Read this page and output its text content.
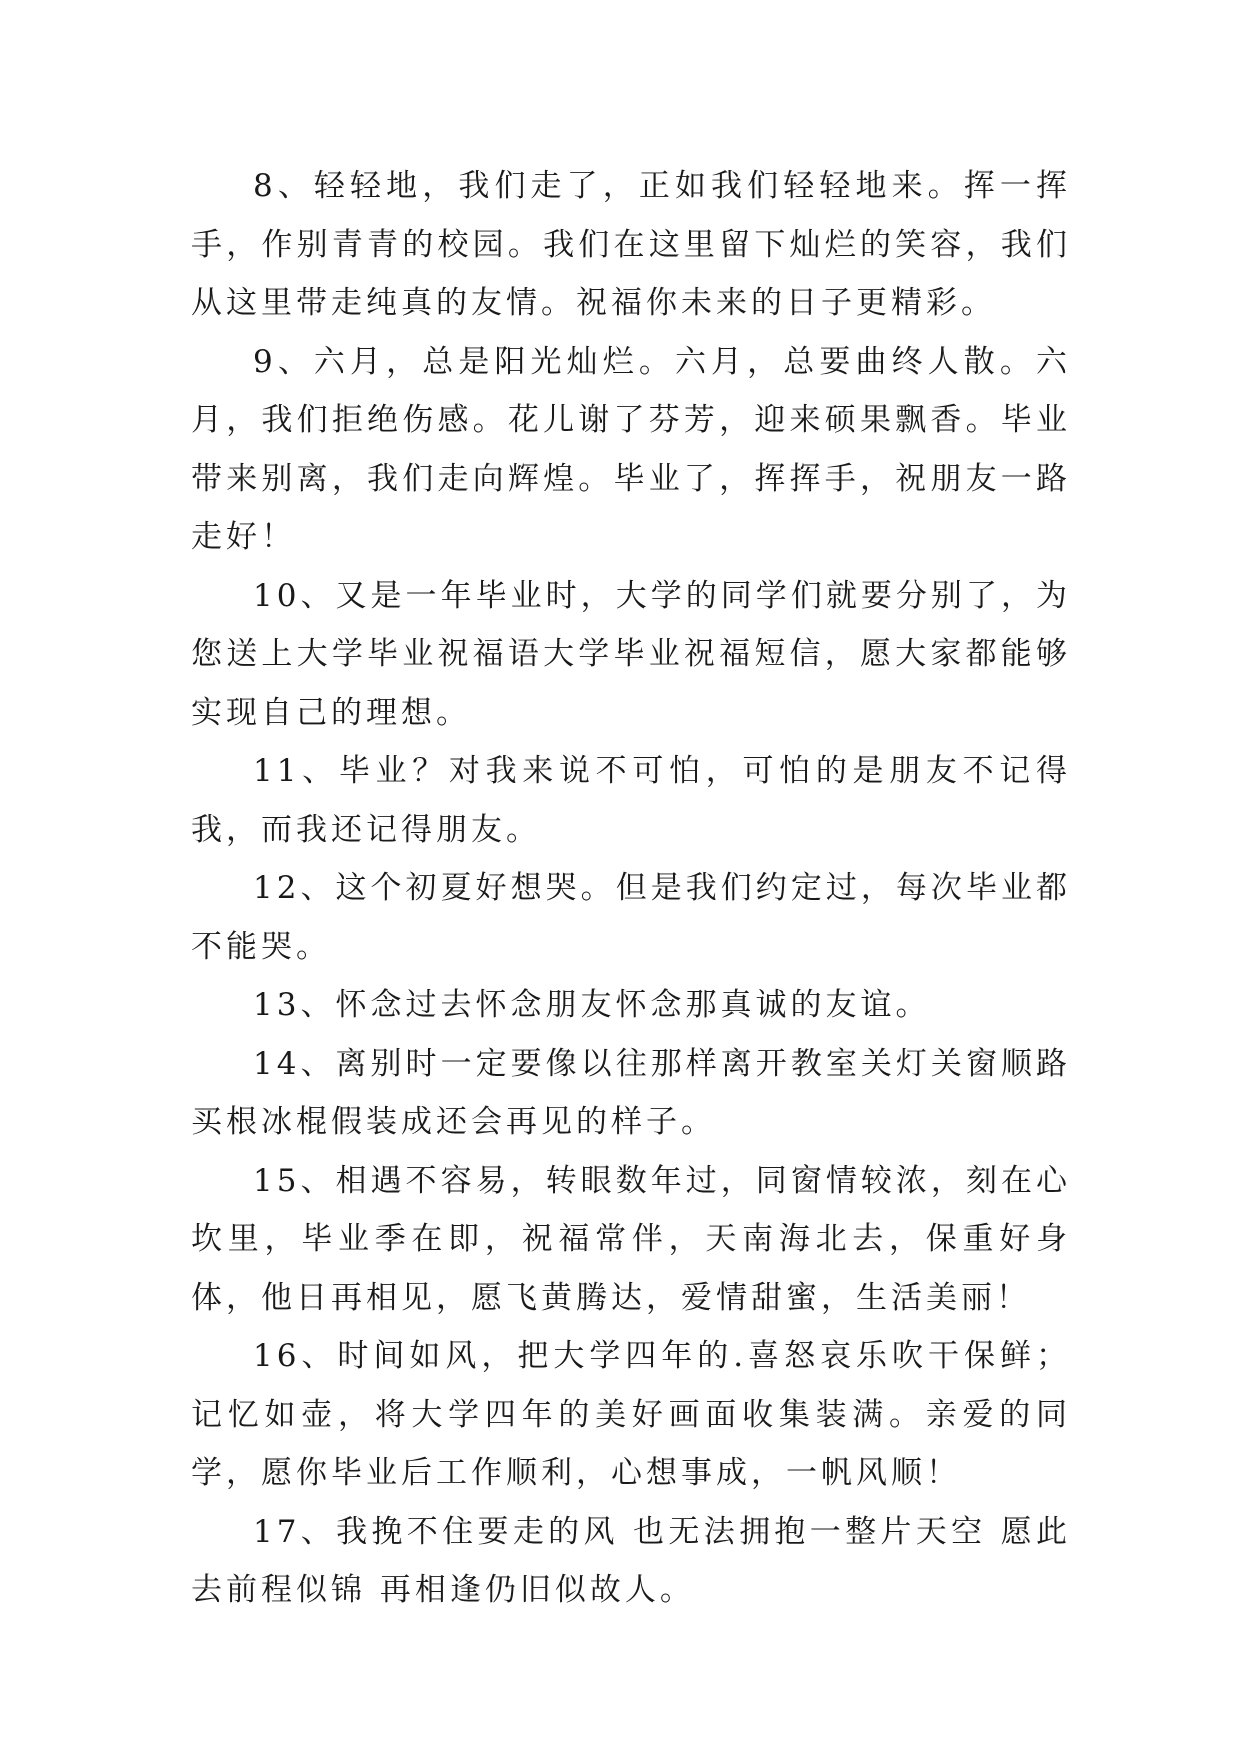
8、轻轻地，我们走了，正如我们轻轻地来。挥一挥手，作别青青的校园。我们在这里留下灿烂的笑容，我们从这里带走纯真的友情。祝福你未来的日子更精彩。

9、六月，总是阳光灿烂。六月，总要曲终人散。六月，我们拒绝伤感。花儿谢了芬芳，迎来硕果飘香。毕业带来别离，我们走向辉煌。毕业了，挥挥手，祝朋友一路走好！

10、又是一年毕业时，大学的同学们就要分别了，为您送上大学毕业祝福语大学毕业祝福短信，愿大家都能够实现自己的理想。

11、毕业？对我来说不可怕，可怕的是朋友不记得我，而我还记得朋友。

12、这个初夏好想哭。但是我们约定过，每次毕业都不能哭。

13、怀念过去怀念朋友怀念那真诚的友谊。

14、离别时一定要像以往那样离开教室关灯关窗顺路买根冰棍假装成还会再见的样子。

15、相遇不容易，转眼数年过，同窗情较浓，刻在心坎里，毕业季在即，祝福常伴，天南海北去，保重好身体，他日再相见，愿飞黄腾达，爱情甜蜜，生活美丽！

16、时间如风，把大学四年的.喜怒哀乐吹干保鲜；记忆如壶，将大学四年的美好画面收集装满。亲爱的同学，愿你毕业后工作顺利，心想事成，一帆风顺！

17、我挽不住要走的风 也无法拥抱一整片天空 愿此去前程似锦 再相逢仍旧似故人。
